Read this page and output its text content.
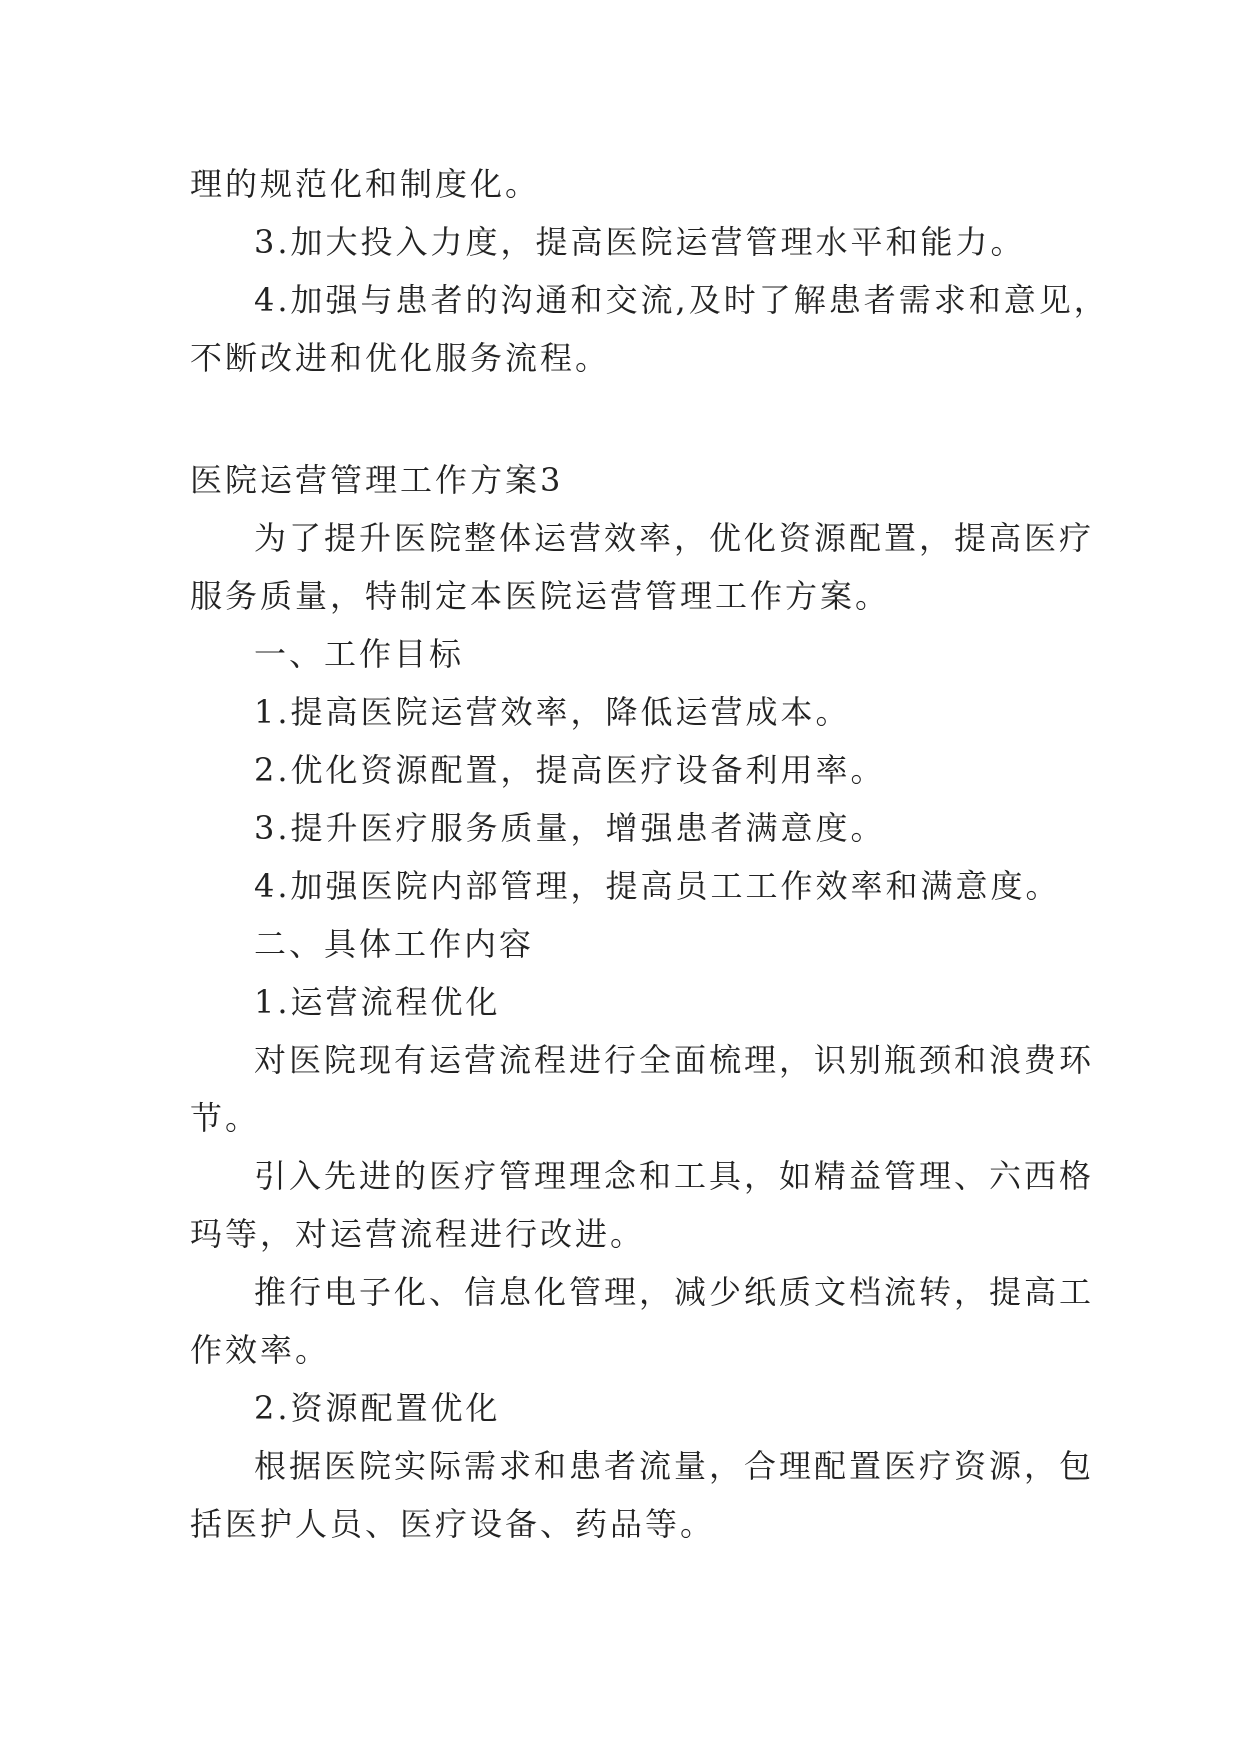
理的规范化和制度化。
3.加大投入力度，提高医院运营管理水平和能力。
4.加强与患者的沟通和交流,及时了解患者需求和意见，
不断改进和优化服务流程。
医院运营管理工作方案3
为了提升医院整体运营效率，优化资源配置，提高医疗
服务质量，特制定本医院运营管理工作方案。
一、工作目标
1.提高医院运营效率，降低运营成本。
2.优化资源配置，提高医疗设备利用率。
3.提升医疗服务质量，增强患者满意度。
4.加强医院内部管理，提高员工工作效率和满意度。
二、具体工作内容
1.运营流程优化
对医院现有运营流程进行全面梳理，识别瓶颈和浪费环
节。
引入先进的医疗管理理念和工具，如精益管理、六西格
玛等，对运营流程进行改进。
推行电子化、信息化管理，减少纸质文档流转，提高工
作效率。
2.资源配置优化
根据医院实际需求和患者流量，合理配置医疗资源，包
括医护人员、医疗设备、药品等。
